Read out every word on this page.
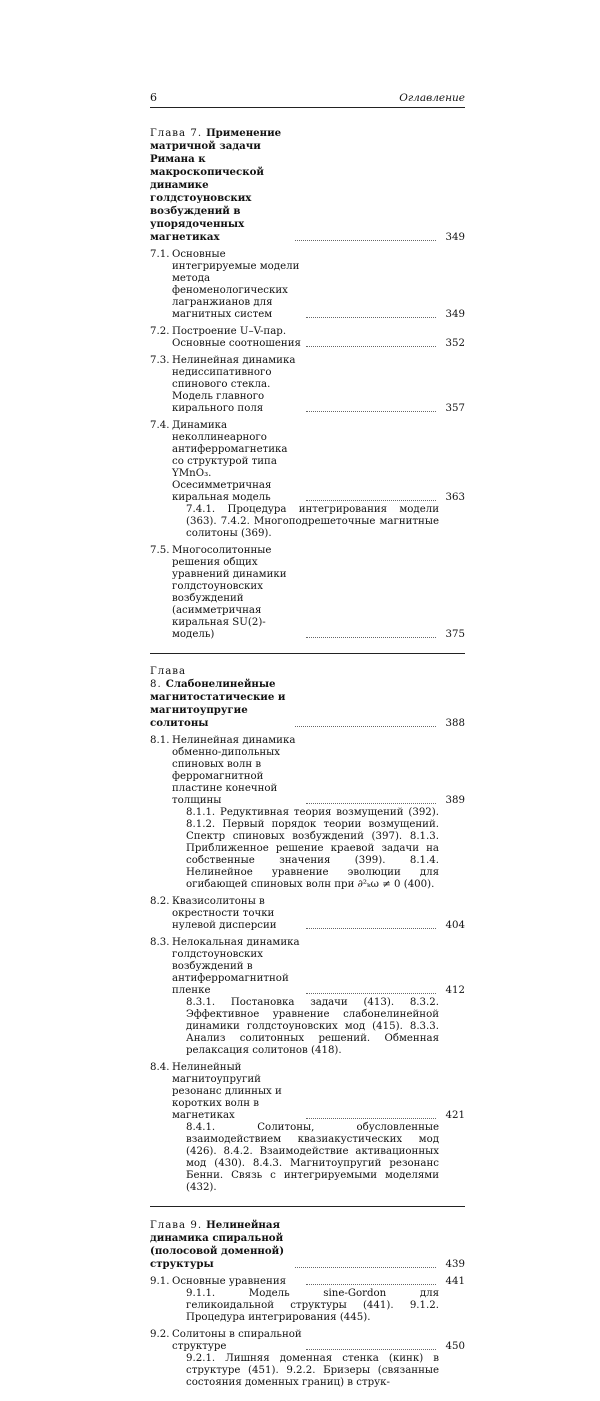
6	Оглавление
Глава 7. Применение матричной задачи Римана к макроскопической динамике голдстоуновских возбуждений в упорядоченных магнетиках	349
7.1. Основные интегрируемые модели метода феноменологических лагранжианов для магнитных систем	349
7.2. Построение U–V-пар. Основные соотношения	352
7.3. Нелинейная динамика недиссипативного спинового стекла. Модель главного кирального поля	357
7.4. Динамика неколлинеарного антиферромагнетика со структурой типа YMnO₃. Осесимметричная киральная модель	363
7.4.1. Процедура интегрирования модели (363). 7.4.2. Многоподрешеточные магнитные солитоны (369).
7.5. Многосолитонные решения общих уравнений динамики голдстоуновских возбуждений (асимметричная киральная SU(2)-модель)	375
Глава 8. Слабонелинейные магнитостатические и магнитоупругие солитоны	388
8.1. Нелинейная динамика обменно-дипольных спиновых волн в ферромагнитной пластине конечной толщины	389
8.1.1. Редуктивная теория возмущений (392). 8.1.2. Первый порядок теории возмущений. Спектр спиновых возбуждений (397). 8.1.3. Приближенное решение краевой задачи на собственные значения (399). 8.1.4. Нелинейное уравнение эволюции для огибающей спиновых волн при ∂²ₖω ≠ 0 (400).
8.2. Квазисолитоны в окрестности точки нулевой дисперсии	404
8.3. Нелокальная динамика голдстоуновских возбуждений в антиферромагнитной пленке	412
8.3.1. Постановка задачи (413). 8.3.2. Эффективное уравнение слабонелинейной динамики голдстоуновских мод (415). 8.3.3. Анализ солитонных решений. Обменная релаксация солитонов (418).
8.4. Нелинейный магнитоупругий резонанс длинных и коротких волн в магнетиках	421
8.4.1. Солитоны, обусловленные взаимодействием квазиакустических мод (426). 8.4.2. Взаимодействие активационных мод (430). 8.4.3. Магнитоупругий резонанс Бенни. Связь с интегрируемыми моделями (432).
Глава 9. Нелинейная динамика спиральной (полосовой доменной) структуры	439
9.1. Основные уравнения	441
9.1.1. Модель sine-Gordon для геликоидальной структуры (441). 9.1.2. Процедура интегрирования (445).
9.2. Солитоны в спиральной структуре	450
9.2.1. Лишняя доменная стенка (кинк) в структуре (451). 9.2.2. Бризеры (связанные состояния доменных границ) в струк-
